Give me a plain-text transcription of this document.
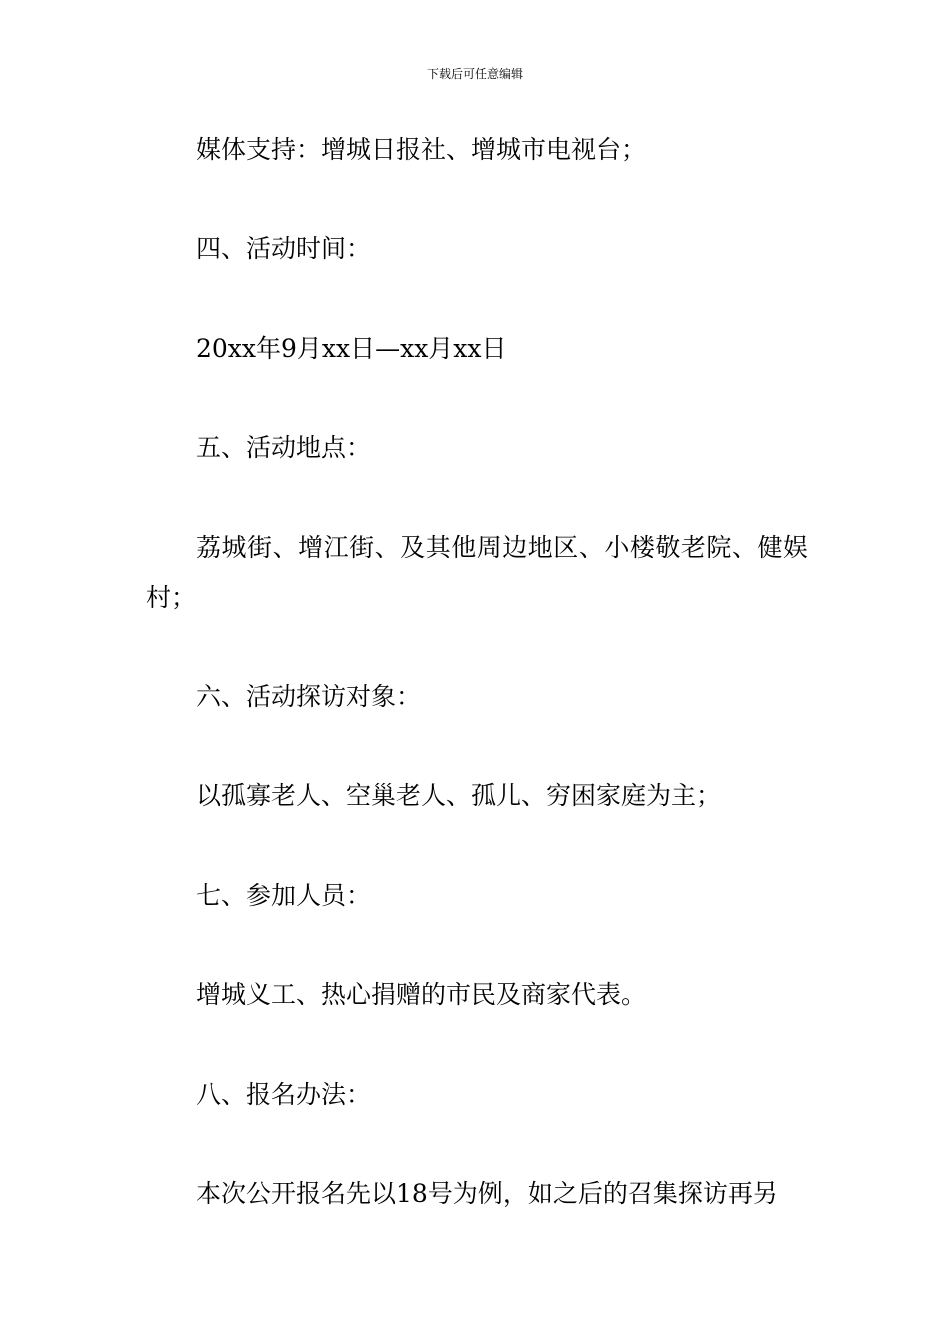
下载后可任意编辑

媒体支持：增城日报社、增城市电视台；

四、活动时间：

20xx年9月xx日—xx月xx日

五、活动地点：

荔城街、增江街、及其他周边地区、小楼敬老院、健娱村；

六、活动探访对象：

以孤寡老人、空巢老人、孤儿、穷困家庭为主；

七、参加人员：

增城义工、热心捐赠的市民及商家代表。

八、报名办法：

本次公开报名先以18号为例，如之后的召集探访再另
